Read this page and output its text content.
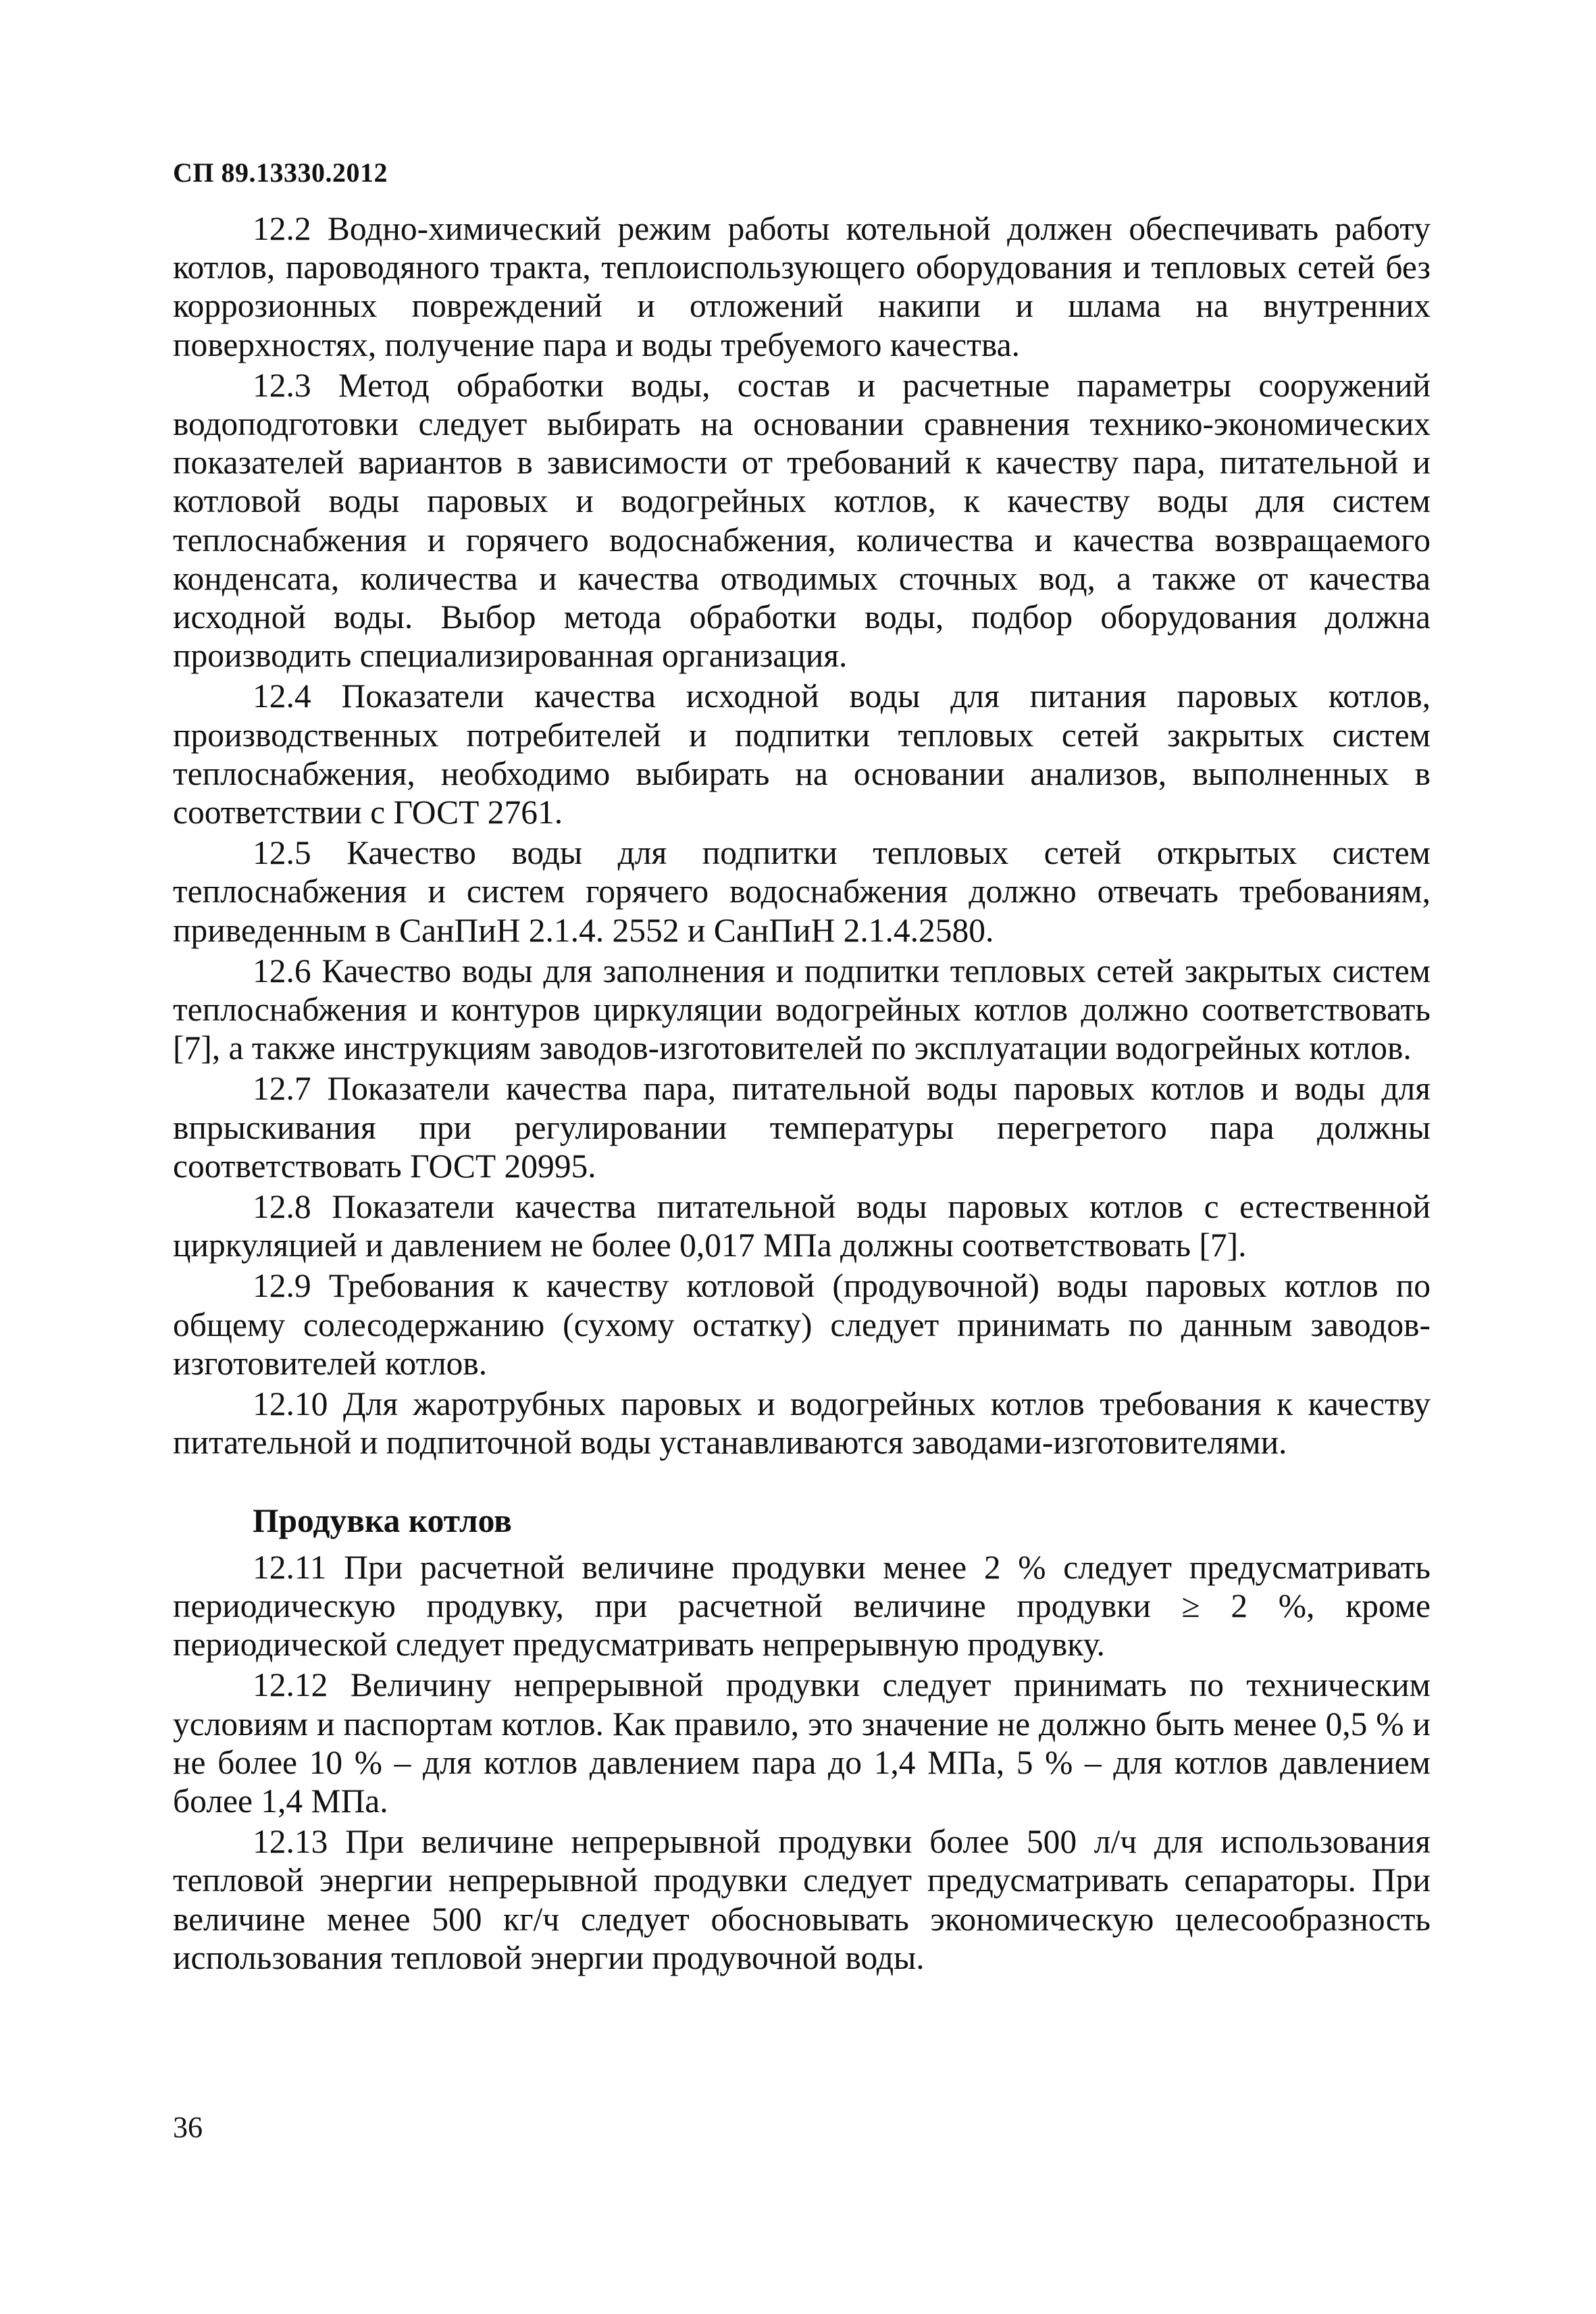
СП 89.13330.2012

12.2 Водно-химический режим работы котельной должен обеспечивать работу котлов, пароводяного тракта, теплоиспользующего оборудования и тепловых сетей без коррозионных повреждений и отложений накипи и шлама на внутренних поверхностях, получение пара и воды требуемого качества.

12.3 Метод обработки воды, состав и расчетные параметры сооружений водоподготовки следует выбирать на основании сравнения технико-экономических показателей вариантов в зависимости от требований к качеству пара, питательной и котловой воды паровых и водогрейных котлов, к качеству воды для систем теплоснабжения и горячего водоснабжения, количества и качества возвращаемого конденсата, количества и качества отводимых сточных вод, а также от качества исходной воды. Выбор метода обработки воды, подбор оборудования должна производить специализированная организация.

12.4 Показатели качества исходной воды для питания паровых котлов, производственных потребителей и подпитки тепловых сетей закрытых систем теплоснабжения, необходимо выбирать на основании анализов, выполненных в соответствии с ГОСТ 2761.

12.5 Качество воды для подпитки тепловых сетей открытых систем теплоснабжения и систем горячего водоснабжения должно отвечать требованиям, приведенным в СанПиН 2.1.4. 2552 и СанПиН 2.1.4.2580.

12.6 Качество воды для заполнения и подпитки тепловых сетей закрытых систем теплоснабжения и контуров циркуляции водогрейных котлов должно соответствовать [7], а также инструкциям заводов-изготовителей по эксплуатации водогрейных котлов.

12.7 Показатели качества пара, питательной воды паровых котлов и воды для впрыскивания при регулировании температуры перегретого пара должны соответствовать ГОСТ 20995.

12.8 Показатели качества питательной воды паровых котлов с естественной циркуляцией и давлением не более 0,017 МПа должны соответствовать [7].

12.9 Требования к качеству котловой (продувочной) воды паровых котлов по общему солесодержанию (сухому остатку) следует принимать по данным заводов-изготовителей котлов.

12.10 Для жаротрубных паровых и водогрейных котлов требования к качеству питательной и подпиточной воды устанавливаются заводами-изготовителями.

Продувка котлов

12.11 При расчетной величине продувки менее 2 % следует предусматривать периодическую продувку, при расчетной величине продувки ≥ 2 %, кроме периодической следует предусматривать непрерывную продувку.

12.12 Величину непрерывной продувки следует принимать по техническим условиям и паспортам котлов. Как правило, это значение не должно быть менее 0,5 % и не более 10 % – для котлов давлением пара до 1,4 МПа, 5 % – для котлов давлением более 1,4 МПа.

12.13 При величине непрерывной продувки более 500 л/ч для использования тепловой энергии непрерывной продувки следует предусматривать сепараторы. При величине менее 500 кг/ч следует обосновывать экономическую целесообразность использования тепловой энергии продувочной воды.

36
